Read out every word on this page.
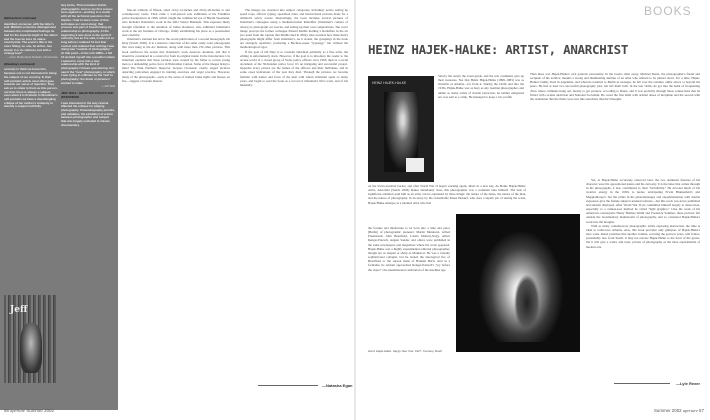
(Motherland continued)
identified, moreover, with the latter's end. Mikhail Lermontov distinguished between the complicated feelings he had for the imperial might of his nation and the love he bore its native countryside. The poem's title is the more fitting: no one, he writes, has known it or its silences, but with a strange love"
—from Motherland Rutkal's introduction
(Weekdays continued)
scarcely to think we know him, because one is not interested in being the subject of our scrutiny. In their self-portraits artists most often gaze towards our sense of rejection. They ask us to relate to them as this person, not that; there is always a subject, even when it is fictional. In Woodman's self-portraits we have a disentangling critique of her mother's Antiquity to identify a subject truthfully.
tary terms. That evocation builds photographic. And so my first scenes were against it—working in a studio with all the technical questions that implies. I had to learn some of that technique as I went along; that process was part of transforming my relationship to photography. At the beginning it was done in the spirit of curiosity, but as I've said, it was not so long before I realized I'd lost that context and realized that nothing I was doing was "outside of photography." At that point—in the mid 1980s—I felt I'd worked myself into a position where I wanted to come into a new relationship with the kind of photography I'd been questioning. As I saw it the "new" photography, in which I was trying to cultivate as the 'real' in photography: the kinds of pictures I wanted to make.
—Jeff Wall
JEFF WALL: SELECTED ESSAYS AND INTERVIEWS
I was interested in the way cinema affected the critique for judging photography. Cinematography permits, and validates, the exhibition of a form between photographer and subject that was largely excluded in classic documentary.
Jeff

fine-art editions of fifteen, sized 12-by-12-inches and 20-by-20-inches to suit contemporary tastes. Then came a well-placed solo exhibition at the Frankfurt police headquarters in 1996, which caught the commercial eye of Harald Szeemann, who included Odermatt's work in the 2001 Venice Biennale. This exposure likely brought Odermatt to the attention of James Rondeau, who exhibited Odermatt's work at the Art Institute of Chicago, firmly establishing his place as a postmodern near-celebrity.

Odermatt's stardom has led to the recent publication of a second monograph, On Duty (Steidl, 2006). It is a massive collection of the same candy-color photographs that were hung at the Art Institute, along with more than 150 other pictures. This book reinforces the notion that Odermatt's work deserves attention, and that it should be considered in a context far from its original intent. In the introduction, Urs Odermatt explains that these pictures were created by his father to recruit young men to a demanding police force in Nidwalden Canton. Some of the images bring to mind The Pink Panther's Inspector Jacques Clouseau: clearly staged pictures depicting policemen engaged in training exercises and target practice. However, many of the photographs—such as the series of melted brake lights and houses on fire—suggest a broader interest.

The images are clustered into subject categories, including: police setting up speed traps, officers typing, speedboat rides, and instructional pictures made for a children's safety course. Interestingly, the book includes several pictures of Odermatt's colleagues using a medium-format Rolleiflex (Odermatt's camera of choice) to photograph car wrecks, and setting up their own compositions. The cover image portrays his former colleague Eduard Mathis holding a Rolleiflex in the air (we learn from the caption that Mathis died in 2004). One wonders how these men's photographs might differ from Odermatt's. As it stands, the groupings in the book are strangely repetitive, producing a Bechers-esque "typology," but without the methodological rigor.

If the goal of On Duty is to consider Odermatt primarily as a fine artist, the editing is unfortunately slack. However, if the goal is to introduce the reader to the arcane world of a closed group of Swiss police officers circa 1960, then as a social document of the Nidwalden police force it's an intriguing and successful project. Opposite every picture are the names of the officers and their birthdates, and in some cases indications of the year they died. Through the pictures we become familiar with names and faces of the men with whom Odermatt spent so many years, and begin to read the book as a record of Odermatt's life's work, and of his humanity.

—Natasha Egan
BOOKS
HEINZ HAJEK-HALKE: ARTIST, ANARCHIST
HEINZ HAJEK-HALKE
Slowly but surely the avant-garde, and the text continents give up their treasures. Not that Heinz Hajek-Halke (1898–1983) was as invisible as Atlantis—far from it. During the 1920s and into the 1930s, Hajek-Halke was as busy as any German photographer, and unlike so many artists of Jewish extraction, he neither emigrated nor was sent to a camp. He managed to keep a low profile
on the Swiss-German border, and after World War II began working again, albeit in a new key. As Heinz Hajek-Halke: Artist, Anarchist (Steidl, 2006) makes abundantly clear, this photographer was a continent unto himself. The lack of significant attention paid him as an artist can be explained by three things: the nature of the times, the nature of the man, and the nature of photography. In an essay by the redoubtable Klaus Honnef, who does a superb job of setting the scene, Hajek-Halke emerges as a talented artist who had
the fortune and misfortune to be born into a time and place (Berlin) of photographic pioneers: Martin Munkacsi, Alfred Eisenstaedt, John Heartfield, László Moholy-Nagy, Albert Renger-Patzsch, August Sander, and others were published in the same newspapers and magazines where his work appeared. Hajek-Halke was a highly experimental editorial photographer, though not as elegant or sharp as Munkacsi. He was a visually sophisticated collagist, but he lacked the ideological fire of Heartfield or the surreal mask of Hannah Höch. And as a formalist, he seldom approached Renger-Patzsch's "joy before the object": the unadulterated celebration of the machine age.
Heinz Hajek-Halke, Happy New Year, 1927. Courtesy Steidl
Then there was Hajek-Halke's own quixotic personality. In the book's other essay, Michael Ruetz, the photographer's friend and recipient of his archive, mounts a strong and illuminating defense of an artist who refused to be pinned down. For a time, Hajek-Halke's family lived in Argentina, and when he returned to Berlin as teenager, he felt ever the outsider, either above or beyond his peers. He had at least two successful photography jobs, but left them both. In the late 1920s, he got into the habit of frequenting dives where criminals hung out, mostly to get pictures, according to Ruetz, and it was probably through those connections that he flirted with cocaine addiction and National Socialism. He cured the first habit with ordinal doses of morphine and the second with the realization that the Nazis were less like anarchists than he'd thought.

Yet, as Hajek-Halke accurately observed later, the two dominant features of his character were his oppositional nature and his curiosity. It is the latter that comes through in his photographs; it also contributed to their "invisibility." He devoted much of his creative energy in the 1930s to nudes, anticipating Erwin Blumenfeld's and Mapplethorpe's, but the prints in his photomontages and experimentation with double exposures give the female subjects unusual textures—but this work was never published and seldom displayed. After World War II, he committed himself largely to abstraction, especially to a camera-less method he called "light graphics." Like the work of his American counterparts Henry Holmes Smith and Frederick Sommer, these pictures fell outside the documentary mainstream of photography, and so contented Hajek-Halke's work into the margins.

With so many contemporary photographic artists exploring abstraction, the time is ideal to rediscover Atlantis. Alas, this book provides only glimpses of Hajek-Halke's later work. Ruetz promises that another volume, covering the postwar years, will follow, presumably also from Steidl. It may not elevate Hajek-Halke to the level of the greats, but it will give a wider, and truer, picture of photography as the most experimental of modern arts.

—Lyle Rexer
56 aperture Summer 2002	Summer 2002 aperture 57
